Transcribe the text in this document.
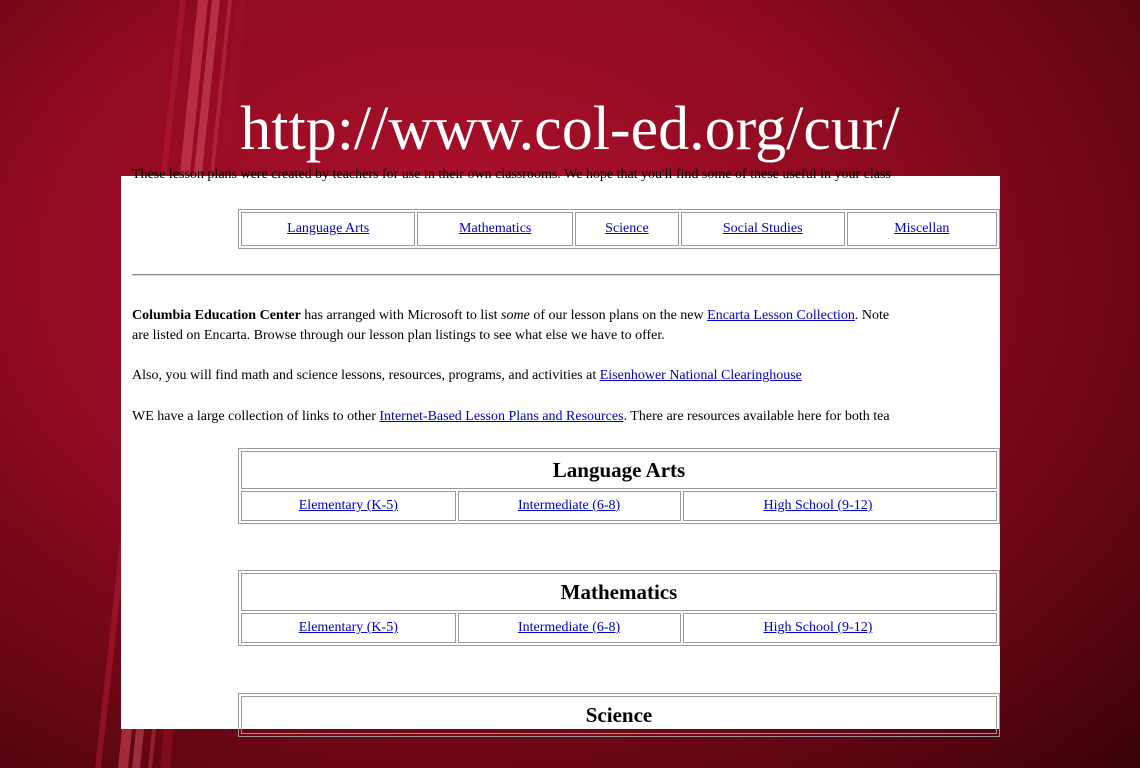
http://www.col-ed.org/cur/
These lesson plans were created by teachers for use in their own classrooms. We hope that you'll find some of these useful in your class
Language Arts	Mathematics	Science	Social Studies	Miscellan
Columbia Education Center has arranged with Microsoft to list some of our lesson plans on the new Encarta Lesson Collection. Note
are listed on Encarta. Browse through our lesson plan listings to see what else we have to offer.
Also, you will find math and science lessons, resources, programs, and activities at Eisenhower National Clearinghouse
WE have a large collection of links to other Internet-Based Lesson Plans and Resources. There are resources available here for both tea
Language Arts
Elementary (K-5)	Intermediate (6-8)	High School (9-12)
Mathematics
Elementary (K-5)	Intermediate (6-8)	High School (9-12)
Science
